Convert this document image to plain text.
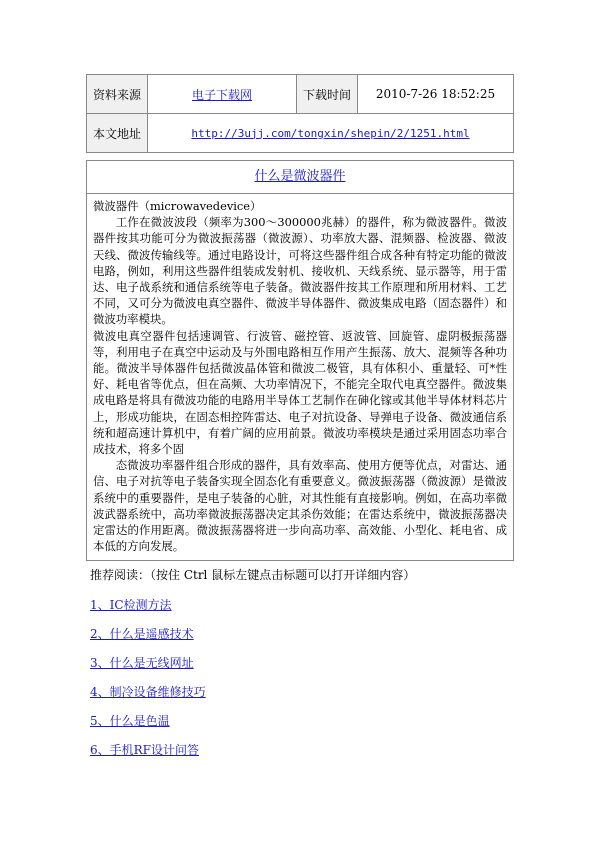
资料来源	电子下载网	下载时间	2010-7-26 18:52:25
本文地址	http://3ujj.com/tongxin/shepin/2/1251.html		
什么是微波器件

微波器件（microwavedevice）

工作在微波波段（频率为300～300000兆赫）的器件，称为微波器件。微波器件按其功能可分为微波振荡器（微波源）、功率放大器、混频器、检波器、微波天线、微波传输线等。通过电路设计，可将这些器件组合成各种有特定功能的微波电路，例如，利用这些器件组装成发射机、接收机、天线系统、显示器等，用于雷达、电子战系统和通信系统等电子装备。微波器件按其工作原理和所用材料、工艺不同，又可分为微波电真空器件、微波半导体器件、微波集成电路（固态器件）和微波功率模块。

微波电真空器件包括速调管、行波管、磁控管、返波管、回旋管、虚阴极振荡器等，利用电子在真空中运动及与外围电路相互作用产生振荡、放大、混频等各种功能。微波半导体器件包括微波晶体管和微波二极管，具有体积小、重量轻、可*性好、耗电省等优点，但在高频、大功率情况下，不能完全取代电真空器件。微波集成电路是将具有微波功能的电路用半导体工艺制作在砷化镓或其他半导体材料芯片上，形成功能块，在固态相控阵雷达、电子对抗设备、导弹电子设备、微波通信系统和超高速计算机中，有着广阔的应用前景。微波功率模块是通过采用固态功率合成技术，将多个固

态微波功率器件组合形成的器件，具有效率高、使用方便等优点，对雷达、通信、电子对抗等电子装备实现全固态化有重要意义。微波振荡器（微波源）是微波系统中的重要器件，是电子装备的心脏，对其性能有直接影响。例如，在高功率微波武器系统中，高功率微波振荡器决定其杀伤效能；在雷达系统中，微波振荡器决定雷达的作用距离。微波振荡器将进一步向高功率、高效能、小型化、耗电省、成本低的方向发展。

推荐阅读：（按住 Ctrl 鼠标左键点击标题可以打开详细内容）
1、IC检测方法
2、什么是遥感技术
3、什么是无线网址
4、制冷设备维修技巧
5、什么是色温
6、手机RF设计问答
